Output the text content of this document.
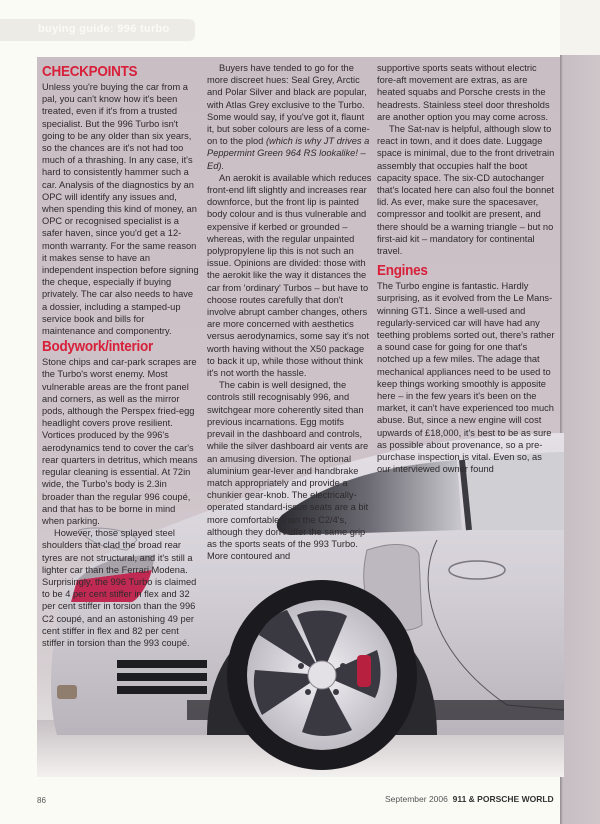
buying guide: 996 turbo
CHECKPOINTS

Unless you're buying the car from a pal, you can't know how it's been treated, even if it's from a trusted specialist. But the 996 Turbo isn't going to be any older than six years, so the chances are it's not had too much of a thrashing. In any case, it's hard to consistently hammer such a car. Analysis of the diagnostics by an OPC will identify any issues and, when spending this kind of money, an OPC or recognised specialist is a safer haven, since you'd get a 12-month warranty. For the same reason it makes sense to have an independent inspection before signing the cheque, especially if buying privately. The car also needs to have a dossier, including a stamped-up service book and bills for maintenance and componentry.

Bodywork/interior

Stone chips and car-park scrapes are the Turbo's worst enemy. Most vulnerable areas are the front panel and corners, as well as the mirror pods, although the Perspex fried-egg headlight covers prove resilient. Vortices produced by the 996's aerodynamics tend to cover the car's rear quarters in detritus, which means regular cleaning is essential. At 72in wide, the Turbo's body is 2.3in broader than the regular 996 coupé, and that has to be borne in mind when parking.

However, those splayed steel shoulders that clad the broad rear tyres are not structural, and it's still a lighter car than the Ferrari Modena. Surprisingly, the 996 Turbo is claimed to be 4 per cent stiffer in flex and 32 per cent stiffer in torsion than the 996 C2 coupé, and an astonishing 49 per cent stiffer in flex and 82 per cent stiffer in torsion than the 993 coupé.

Buyers have tended to go for the more discreet hues: Seal Grey, Arctic and Polar Silver and black are popular, with Atlas Grey exclusive to the Turbo. Some would say, if you've got it, flaunt it, but sober colours are less of a come-on to the plod (which is why JT drives a Peppermint Green 964 RS lookalike! – Ed).

An aerokit is available which reduces front-end lift slightly and increases rear downforce, but the front lip is painted body colour and is thus vulnerable and expensive if kerbed or grounded – whereas, with the regular unpainted polypropylene lip this is not such an issue. Opinions are divided: those with the aerokit like the way it distances the car from 'ordinary' Turbos – but have to choose routes carefully that don't involve abrupt camber changes, others are more concerned with aesthetics versus aerodynamics, some say it's not worth having without the X50 package to back it up, while those without think it's not worth the hassle.

The cabin is well designed, the controls still recognisably 996, and switchgear more coherently sited than previous incarnations. Egg motifs prevail in the dashboard and controls, while the silver dashboard air vents are an amusing diversion. The optional aluminium gear-lever and handbrake match appropriately and provide a chunkier gear-knob. The electrically-operated standard-issue seats are a bit more comfortable than the C2/4's, although they don't offer the same grip as the sports seats of the 993 Turbo. More contoured and

supportive sports seats without electric fore-aft movement are extras, as are heated squabs and Porsche crests in the headrests. Stainless steel door thresholds are another option you may come across.

The Sat-nav is helpful, although slow to react in town, and it does date. Luggage space is minimal, due to the front drivetrain assembly that occupies half the boot capacity space. The six-CD autochanger that's located here can also foul the bonnet lid. As ever, make sure the spacesaver, compressor and toolkit are present, and there should be a warning triangle – but no first-aid kit – mandatory for continental travel.

Engines

The Turbo engine is fantastic. Hardly surprising, as it evolved from the Le Mans-winning GT1. Since a well-used and regularly-serviced car will have had any teething problems sorted out, there's rather a sound case for going for one that's notched up a few miles. The adage that mechanical appliances need to be used to keep things working smoothly is apposite here – in the few years it's been on the market, it can't have experienced too much abuse. But, since a new engine will cost upwards of £18,000, it's best to be as sure as possible about provenance, so a pre-purchase inspection is vital. Even so, as our interviewed owner found

86	September 2006 911 & PORSCHE WORLD
